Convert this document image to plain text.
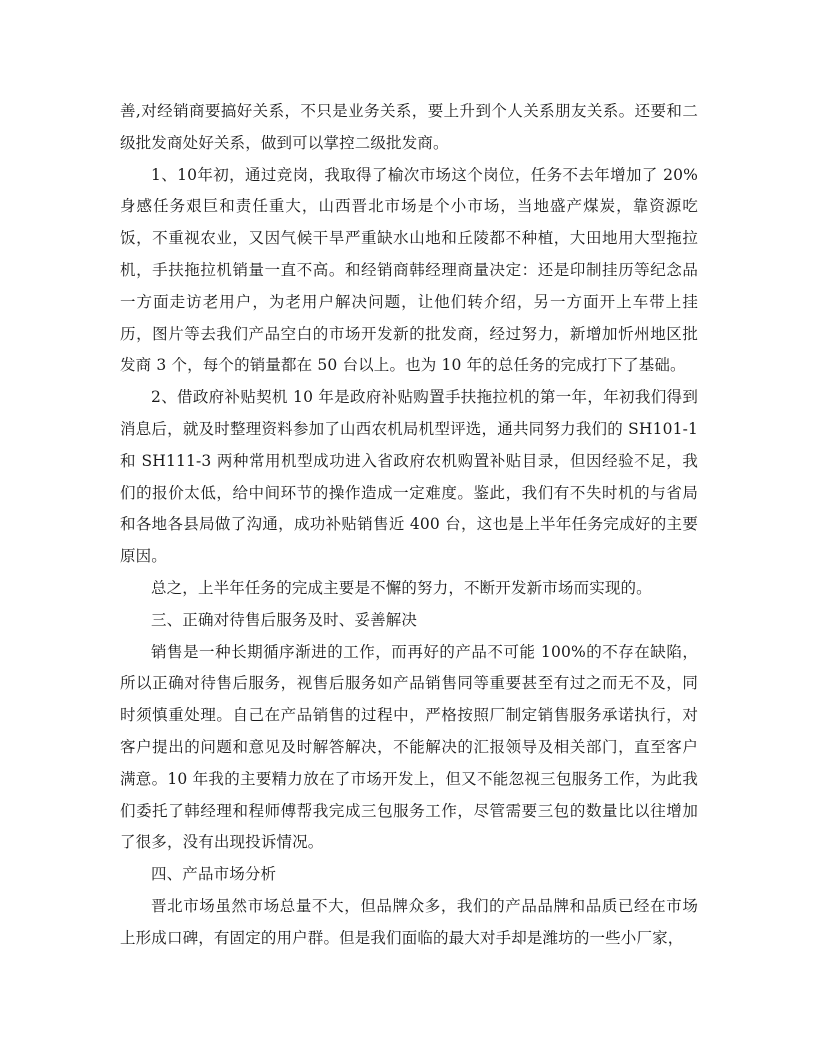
善,对经销商要搞好关系，不只是业务关系，要上升到个人关系朋友关系。还要和二级批发商处好关系，做到可以掌控二级批发商。

1、10年初，通过竞岗，我取得了榆次市场这个岗位，任务不去年增加了 20%身感任务艰巨和责任重大，山西晋北市场是个小市场，当地盛产煤炭，靠资源吃饭，不重视农业，又因气候干旱严重缺水山地和丘陵都不种植，大田地用大型拖拉机，手扶拖拉机销量一直不高。和经销商韩经理商量决定：还是印制挂历等纪念品一方面走访老用户，为老用户解决问题，让他们转介绍，另一方面开上车带上挂历，图片等去我们产品空白的市场开发新的批发商，经过努力，新增加忻州地区批发商 3 个，每个的销量都在 50 台以上。也为 10 年的总任务的完成打下了基础。

2、借政府补贴契机 10 年是政府补贴购置手扶拖拉机的第一年，年初我们得到消息后，就及时整理资料参加了山西农机局机型评选，通共同努力我们的 SH101-1 和 SH111-3 两种常用机型成功进入省政府农机购置补贴目录，但因经验不足，我们的报价太低，给中间环节的操作造成一定难度。鉴此，我们有不失时机的与省局和各地各县局做了沟通，成功补贴销售近 400 台，这也是上半年任务完成好的主要原因。

总之，上半年任务的完成主要是不懈的努力，不断开发新市场而实现的。

三、正确对待售后服务及时、妥善解决

销售是一种长期循序渐进的工作，而再好的产品不可能 100%的不存在缺陷，所以正确对待售后服务，视售后服务如产品销售同等重要甚至有过之而无不及，同时须慎重处理。自己在产品销售的过程中，严格按照厂制定销售服务承诺执行，对客户提出的问题和意见及时解答解决，不能解决的汇报领导及相关部门，直至客户满意。10 年我的主要精力放在了市场开发上，但又不能忽视三包服务工作，为此我们委托了韩经理和程师傅帮我完成三包服务工作，尽管需要三包的数量比以往增加了很多，没有出现投诉情况。

四、产品市场分析

晋北市场虽然市场总量不大，但品牌众多，我们的产品品牌和品质已经在市场上形成口碑，有固定的用户群。但是我们面临的最大对手却是潍坊的一些小厂家，
